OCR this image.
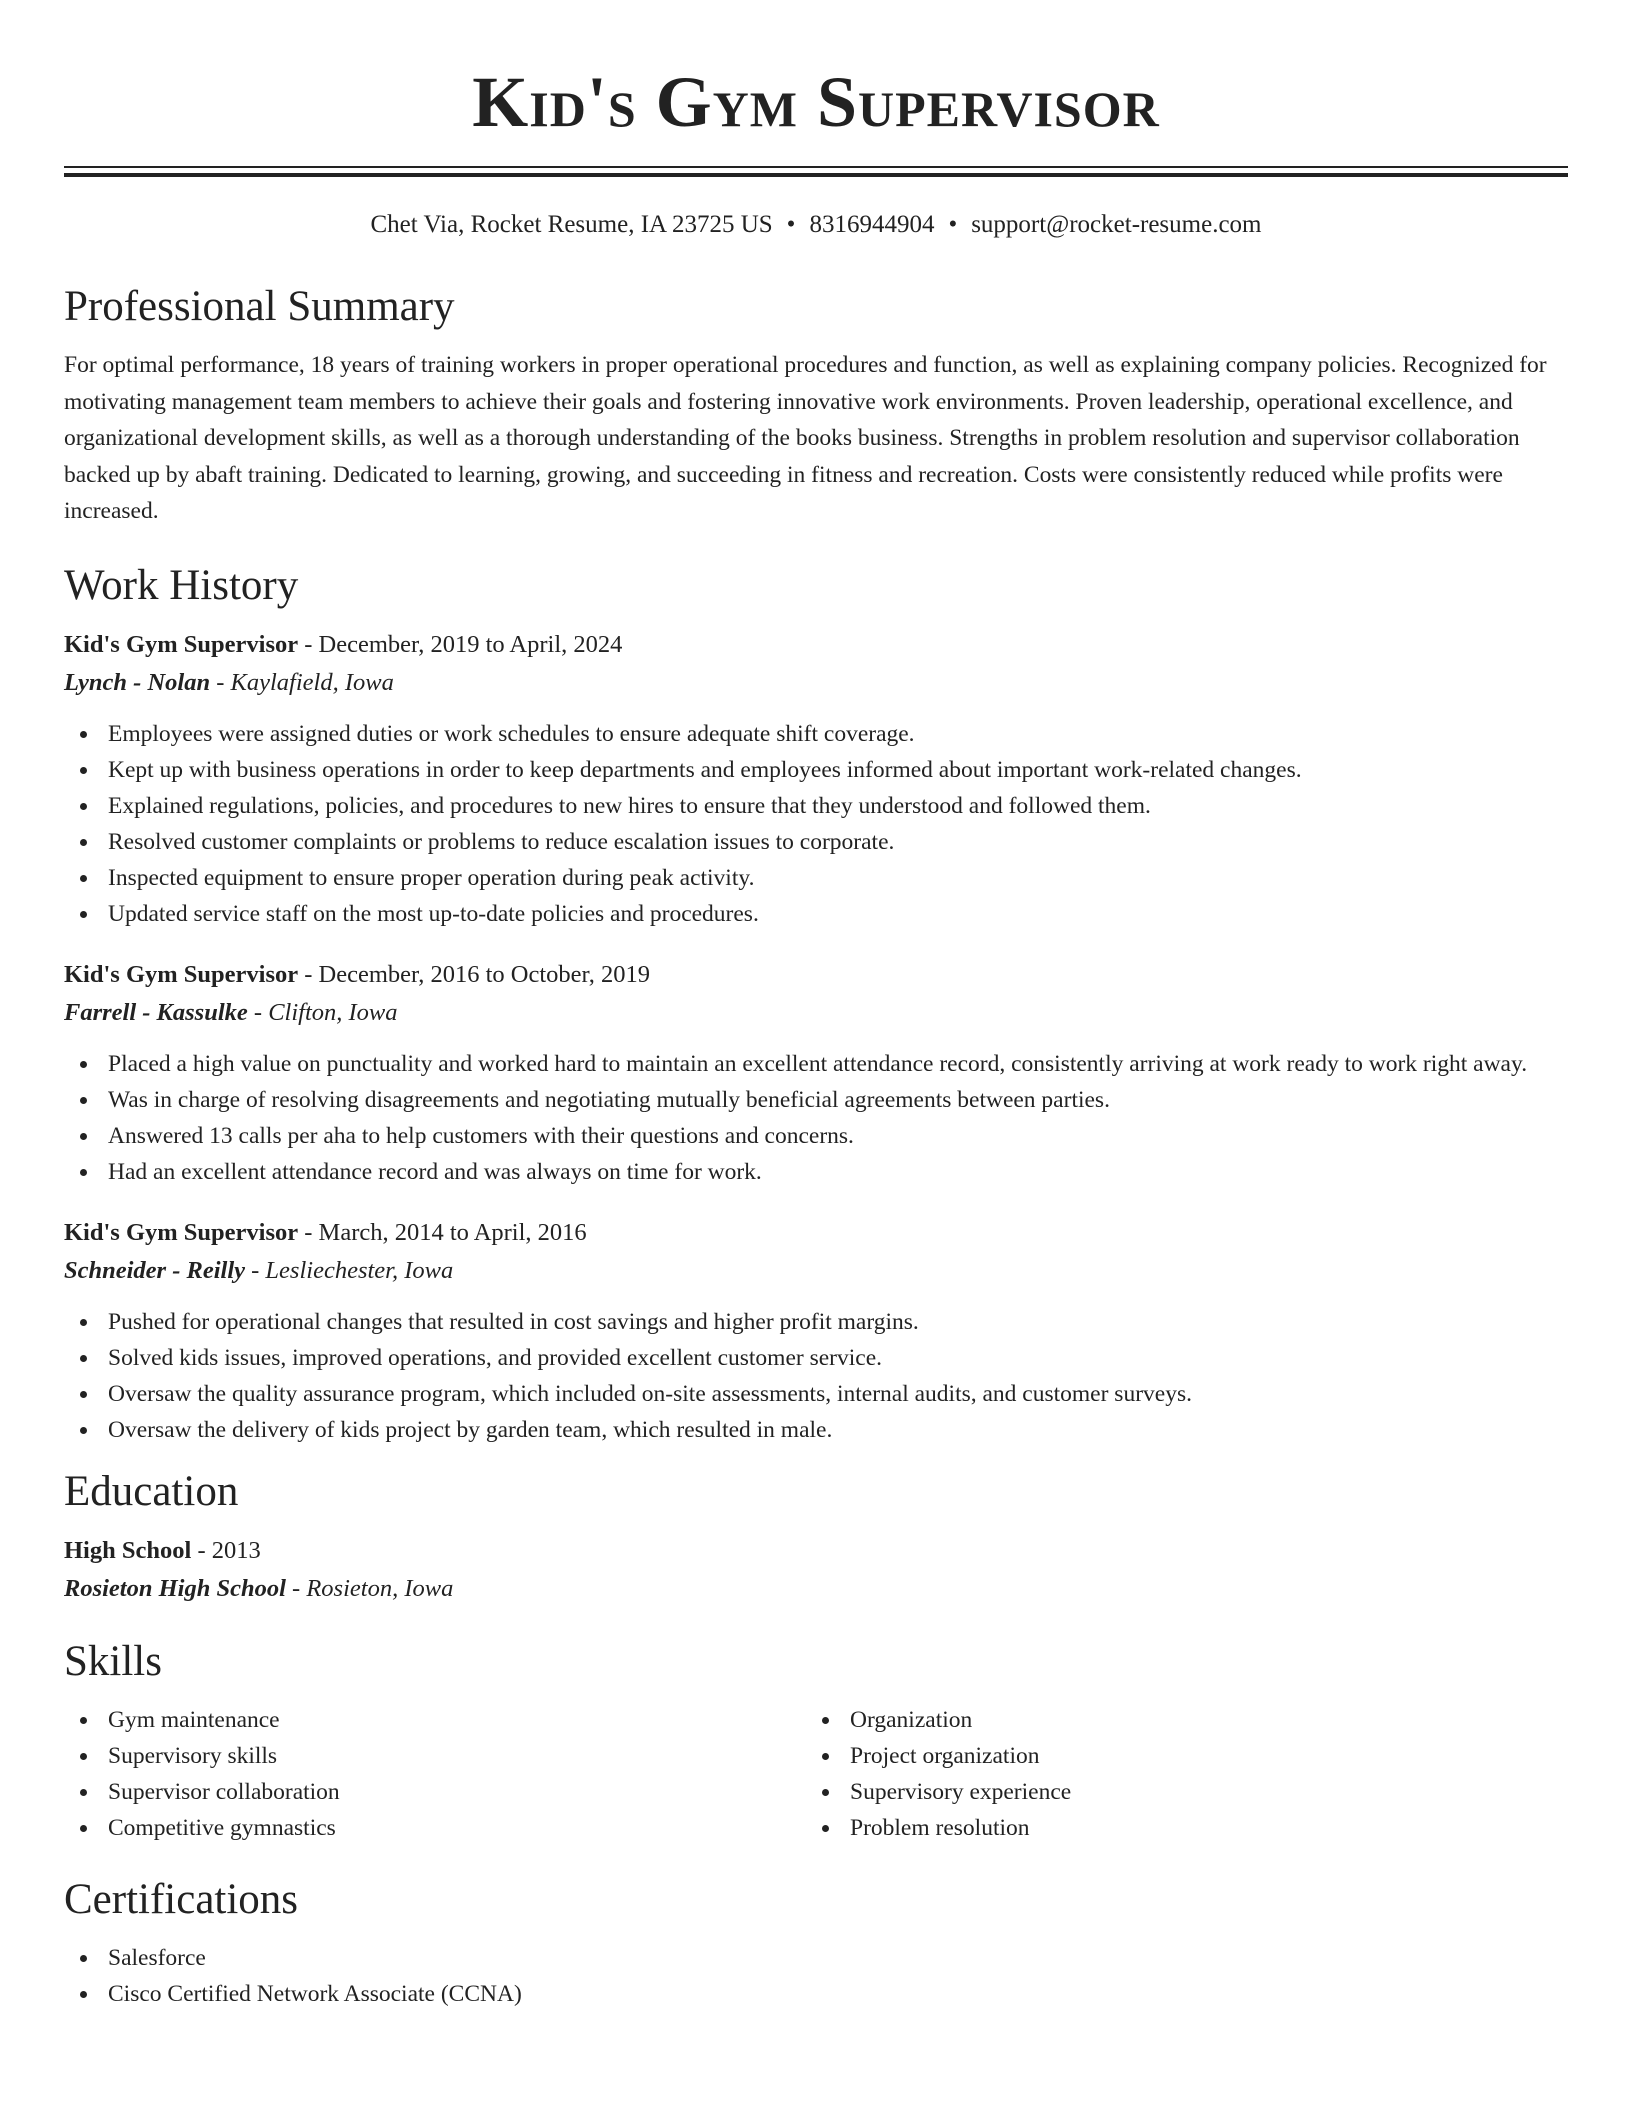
Kid's Gym Supervisor
Chet Via, Rocket Resume, IA 23725 US • 8316944904 • support@rocket-resume.com
Professional Summary
For optimal performance, 18 years of training workers in proper operational procedures and function, as well as explaining company policies. Recognized for motivating management team members to achieve their goals and fostering innovative work environments. Proven leadership, operational excellence, and organizational development skills, as well as a thorough understanding of the books business. Strengths in problem resolution and supervisor collaboration backed up by abaft training. Dedicated to learning, growing, and succeeding in fitness and recreation. Costs were consistently reduced while profits were increased.
Work History
Kid's Gym Supervisor - December, 2019 to April, 2024
Lynch - Nolan - Kaylafield, Iowa
Employees were assigned duties or work schedules to ensure adequate shift coverage.
Kept up with business operations in order to keep departments and employees informed about important work-related changes.
Explained regulations, policies, and procedures to new hires to ensure that they understood and followed them.
Resolved customer complaints or problems to reduce escalation issues to corporate.
Inspected equipment to ensure proper operation during peak activity.
Updated service staff on the most up-to-date policies and procedures.
Kid's Gym Supervisor - December, 2016 to October, 2019
Farrell - Kassulke - Clifton, Iowa
Placed a high value on punctuality and worked hard to maintain an excellent attendance record, consistently arriving at work ready to work right away.
Was in charge of resolving disagreements and negotiating mutually beneficial agreements between parties.
Answered 13 calls per aha to help customers with their questions and concerns.
Had an excellent attendance record and was always on time for work.
Kid's Gym Supervisor - March, 2014 to April, 2016
Schneider - Reilly - Lesliechester, Iowa
Pushed for operational changes that resulted in cost savings and higher profit margins.
Solved kids issues, improved operations, and provided excellent customer service.
Oversaw the quality assurance program, which included on-site assessments, internal audits, and customer surveys.
Oversaw the delivery of kids project by garden team, which resulted in male.
Education
High School - 2013
Rosieton High School - Rosieton, Iowa
Skills
Gym maintenance
Supervisory skills
Supervisor collaboration
Competitive gymnastics
Organization
Project organization
Supervisory experience
Problem resolution
Certifications
Salesforce
Cisco Certified Network Associate (CCNA)
